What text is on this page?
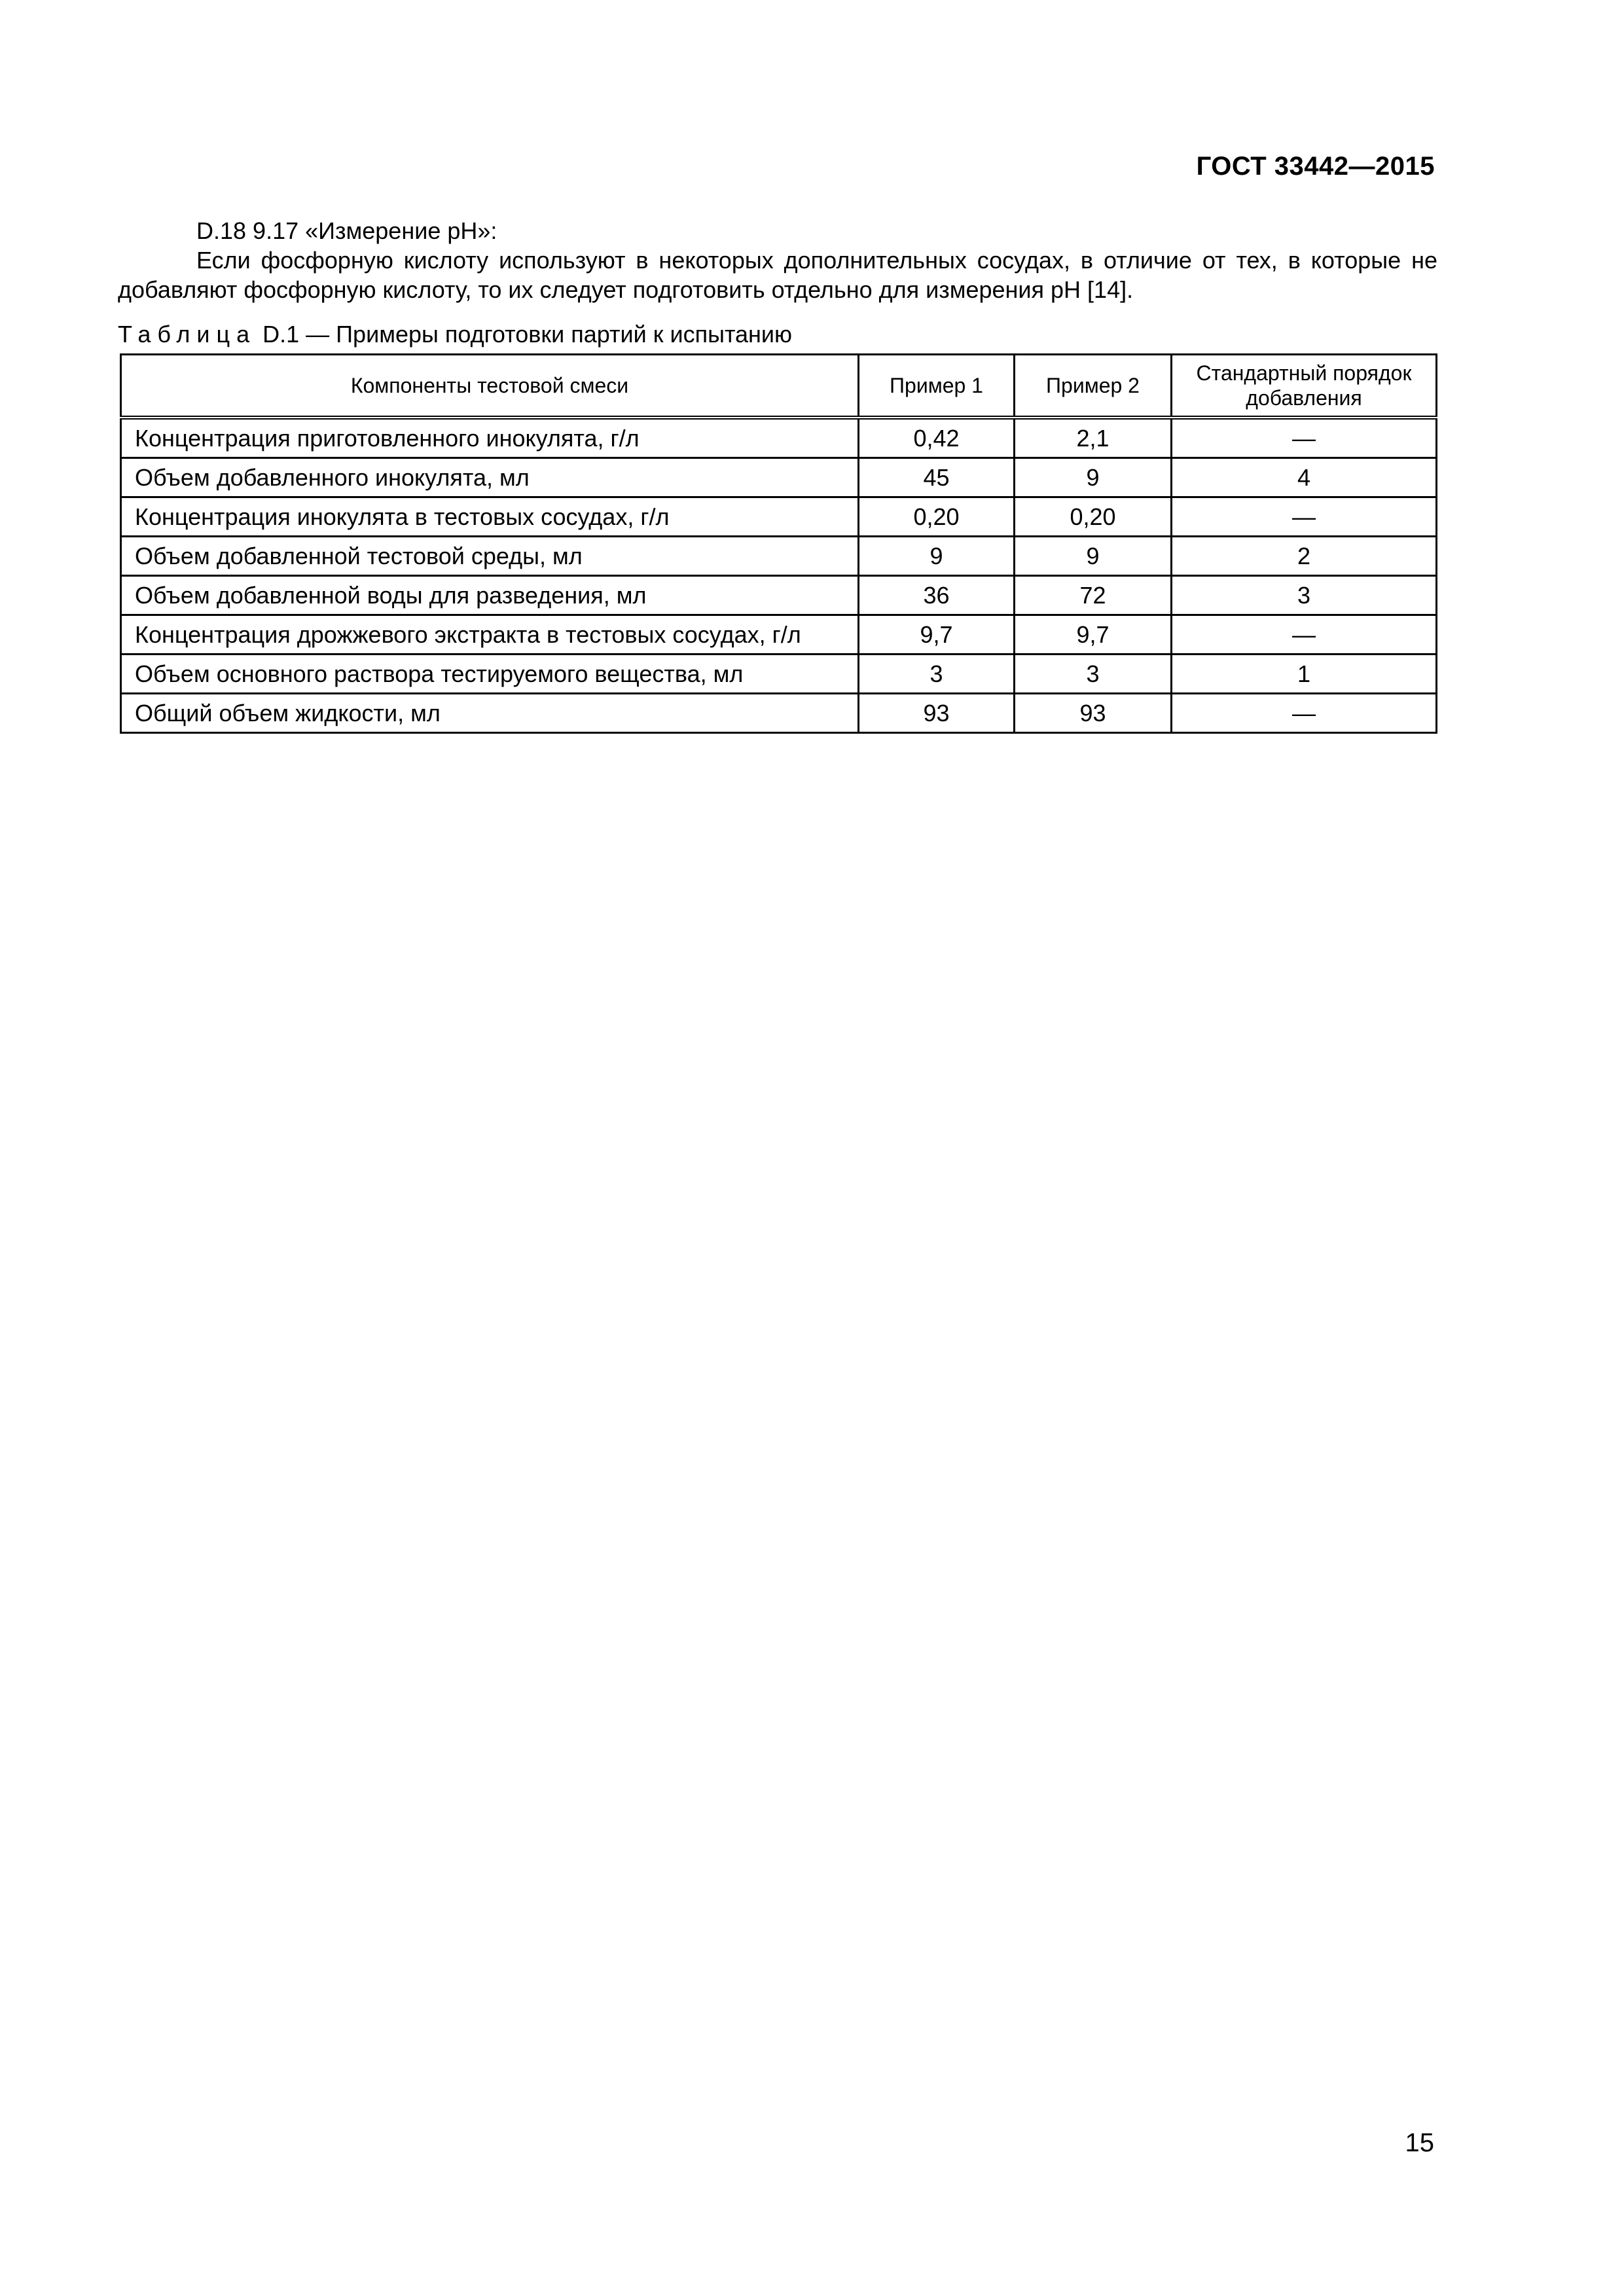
ГОСТ 33442—2015

D.18 9.17 «Измерение pH»:

Если фосфорную кислоту используют в некоторых дополнительных сосудах, в отличие от тех, в которые не добавляют фосфорную кислоту, то их следует подготовить отдельно для измерения pH [14].

Таблица D.1 — Примеры подготовки партий к испытанию
Компоненты тестовой смеси	Пример 1	Пример 2	Стандартный порядок добавления
Концентрация приготовленного инокулята, г/л	0,42	2,1	—
Объем добавленного инокулята, мл	45	9	4
Концентрация инокулята в тестовых сосудах, г/л	0,20	0,20	—
Объем добавленной тестовой среды, мл	9	9	2
Объем добавленной воды для разведения, мл	36	72	3
Концентрация дрожжевого экстракта в тестовых сосудах, г/л	9,7	9,7	—
Объем основного раствора тестируемого вещества, мл	3	3	1
Общий объем жидкости, мл	93	93	—
15
